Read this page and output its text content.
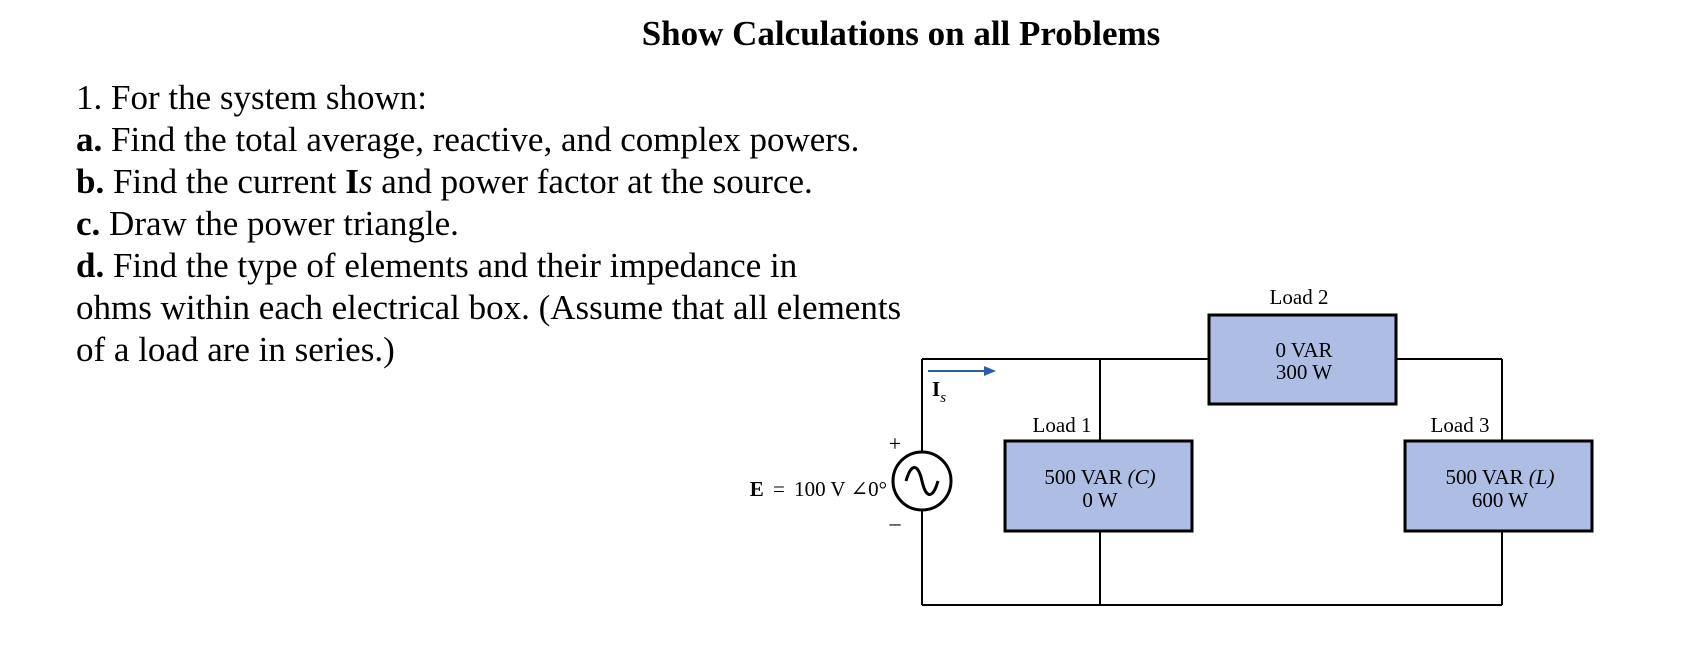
Show Calculations on all Problems
1. For the system shown:
a. Find the total average, reactive, and complex powers.
b. Find the current Is and power factor at the source.
c. Draw the power triangle.
d. Find the type of elements and their impedance in
ohms within each electrical box. (Assume that all elements
of a load are in series.)
Load 2
0 VAR
300 W
Load 1
500 VAR (C)
0 W
Load 3
500 VAR (L)
600 W
+
–
E = 100 V ∠0°
$I_s$
